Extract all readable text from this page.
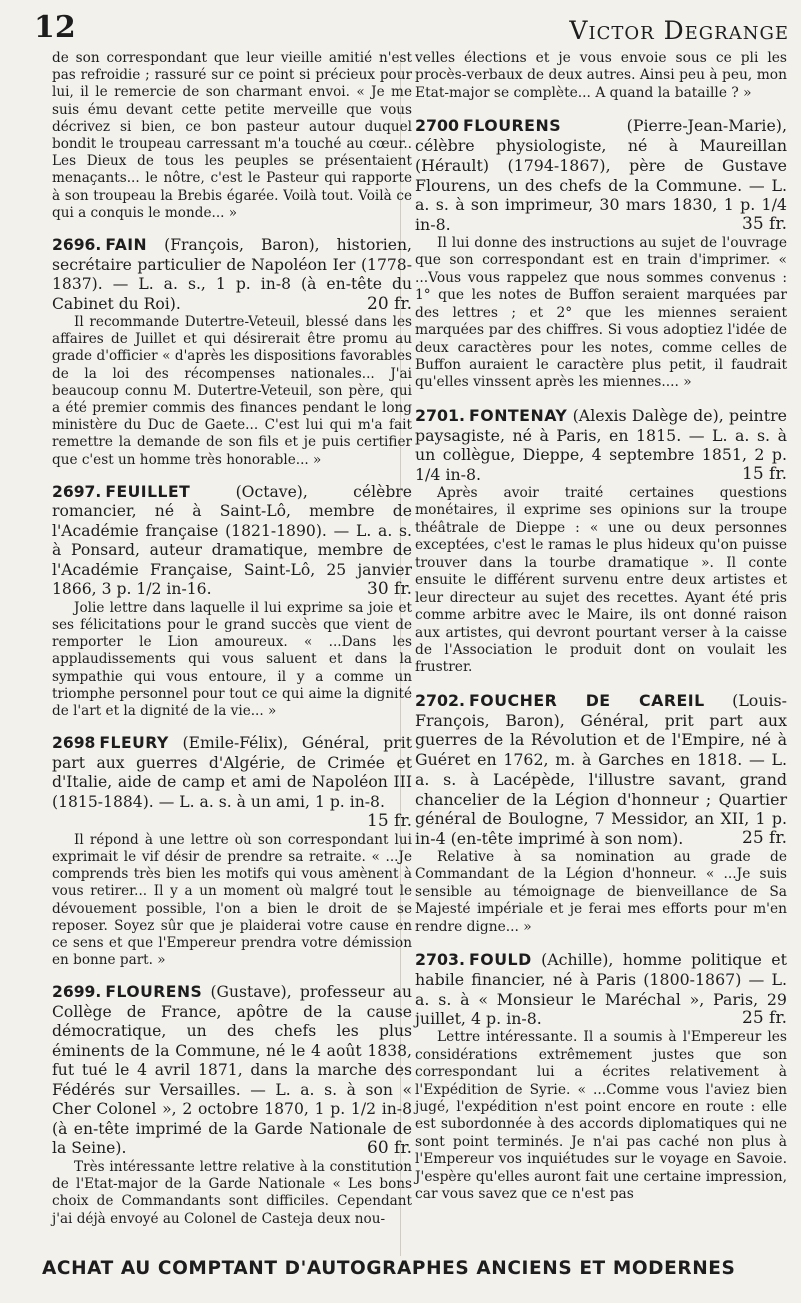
12	Victor Degrange

de son correspondant que leur vieille amitié n'est pas refroidie ; rassuré sur ce point si précieux pour lui, il le remercie de son charmant envoi. « Je me suis ému devant cette petite merveille que vous décrivez si bien, ce bon pasteur autour duquel bondit le troupeau carressant m'a touché au cœur.. Les Dieux de tous les peuples se présentaient menaçants... le nôtre, c'est le Pasteur qui rapporte à son troupeau la Brebis égarée. Voilà tout. Voilà ce qui a conquis le monde... »

2696. FAIN (François, Baron), historien, secrétaire particulier de Napoléon Ier (1778-1837). — L. a. s., 1 p. in-8 (à en-tête du Cabinet du Roi).	20 fr.

Il recommande Dutertre-Veteuil, blessé dans les affaires de Juillet et qui désirerait être promu au grade d'officier « d'après les dispositions favorables de la loi des récompenses nationales... J'ai beaucoup connu M. Dutertre-Veteuil, son père, qui a été premier commis des finances pendant le long ministère du Duc de Gaete... C'est lui qui m'a fait remettre la demande de son fils et je puis certifier que c'est un homme très honorable... »

2697. FEUILLET	(Octave), célèbre romancier, né à Saint-Lô, membre de l'Académie française (1821-1890). — L. a. s. à Ponsard, auteur dramatique, membre de l'Académie Française, Saint-Lô, 25 janvier 1866, 3 p. 1/2 in-16.	30 fr.

Jolie lettre dans laquelle il lui exprime sa joie et ses félicitations pour le grand succès que vient de remporter le Lion amoureux. « ...Dans les applaudissements qui vous saluent et dans la sympathie qui vous entoure, il y a comme un triomphe personnel pour tout ce qui aime la dignité de l'art et la dignité de la vie... »

2698 FLEURY (Emile-Félix), Général, prit part aux guerres d'Algérie, de Crimée et d'Italie, aide de camp et ami de Napoléon III (1815-1884). — L. a. s. à un ami, 1 p. in-8.
15 fr.

Il répond à une lettre où son correspondant lui exprimait le vif désir de prendre sa retraite. « ...Je comprends très bien les motifs qui vous amènent à vous retirer... Il y a un moment où malgré tout le dévouement possible, l'on a bien le droit de se reposer. Soyez sûr que je plaiderai votre cause en ce sens et que l'Empereur prendra votre démission en bonne part. »

2699. FLOURENS (Gustave), professeur au Collège de France, apôtre de la cause démocratique, un des chefs les plus éminents de la Commune, né le 4 août 1838, fut tué le 4 avril 1871, dans la marche des Fédérés sur Versailles. — L. a. s. à son « Cher Colonel », 2 octobre 1870, 1 p. 1/2 in-8 (à en-tête imprimé de la Garde Nationale de la Seine).	60 fr.

Très intéressante lettre relative à la constitution de l'Etat-major de la Garde Nationale « Les bons choix de Commandants sont difficiles. Cependant j'ai déjà envoyé au Colonel de Casteja deux nou-

velles élections et je vous envoie sous ce pli les procès-verbaux de deux autres. Ainsi peu à peu, mon Etat-major se complète... A quand la bataille ? »

2700 FLOURENS	(Pierre-Jean-Marie), célèbre physiologiste, né à Maureillan (Hérault) (1794-1867), père de Gustave Flourens, un des chefs de la Commune. — L. a. s. à son imprimeur, 30 mars 1830, 1 p. 1/4 in-8.	35 fr.

Il lui donne des instructions au sujet de l'ouvrage que son correspondant est en train d'imprimer. « ...Vous vous rappelez que nous sommes convenus : 1° que les notes de Buffon seraient marquées par des lettres ; et 2° que les miennes seraient marquées par des chiffres. Si vous adoptiez l'idée de deux caractères pour les notes, comme celles de Buffon auraient le caractère plus petit, il faudrait qu'elles vinssent après les miennes.... »

2701. FONTENAY (Alexis Dalège de), peintre paysagiste, né à Paris, en 1815. — L. a. s. à un collègue, Dieppe, 4 septembre 1851, 2 p. 1/4 in-8.	15 fr.

Après avoir traité certaines questions monétaires, il exprime ses opinions sur la troupe théâtrale de Dieppe : « une ou deux personnes exceptées, c'est le ramas le plus hideux qu'on puisse trouver dans la tourbe dramatique ». Il conte ensuite le différent survenu entre deux artistes et leur directeur au sujet des recettes. Ayant été pris comme arbitre avec le Maire, ils ont donné raison aux artistes, qui devront pourtant verser à la caisse de l'Association le produit dont on voulait les frustrer.

2702. FOUCHER DE CAREIL (Louis-François, Baron), Général, prit part aux guerres de la Révolution et de l'Empire, né à Guéret en 1762, m. à Garches en 1818. — L. a. s. à Lacépède, l'illustre savant, grand chancelier de la Légion d'honneur ; Quartier général de Boulogne, 7 Messidor, an XII, 1 p. in-4 (en-tête imprimé à son nom).	25 fr.

Relative à sa nomination au grade de Commandant de la Légion d'honneur. « ...Je suis sensible au témoignage de bienveillance de Sa Majesté impériale et je ferai mes efforts pour m'en rendre digne... »

2703. FOULD (Achille), homme politique et habile financier, né à Paris (1800-1867) — L. a. s. à « Monsieur le Maréchal », Paris, 29 juillet, 4 p. in-8.	25 fr.

Lettre intéressante. Il a soumis à l'Empereur les considérations extrêmement justes que son correspondant lui a écrites relativement à l'Expédition de Syrie. « ...Comme vous l'aviez bien jugé, l'expédition n'est point encore en route : elle est subordonnée à des accords diplomatiques qui ne sont point terminés. Je n'ai pas caché non plus à l'Empereur vos inquiétudes sur le voyage en Savoie. J'espère qu'elles auront fait une certaine impression, car vous savez que ce n'est pas

ACHAT AU COMPTANT D'AUTOGRAPHES ANCIENS ET MODERNES
